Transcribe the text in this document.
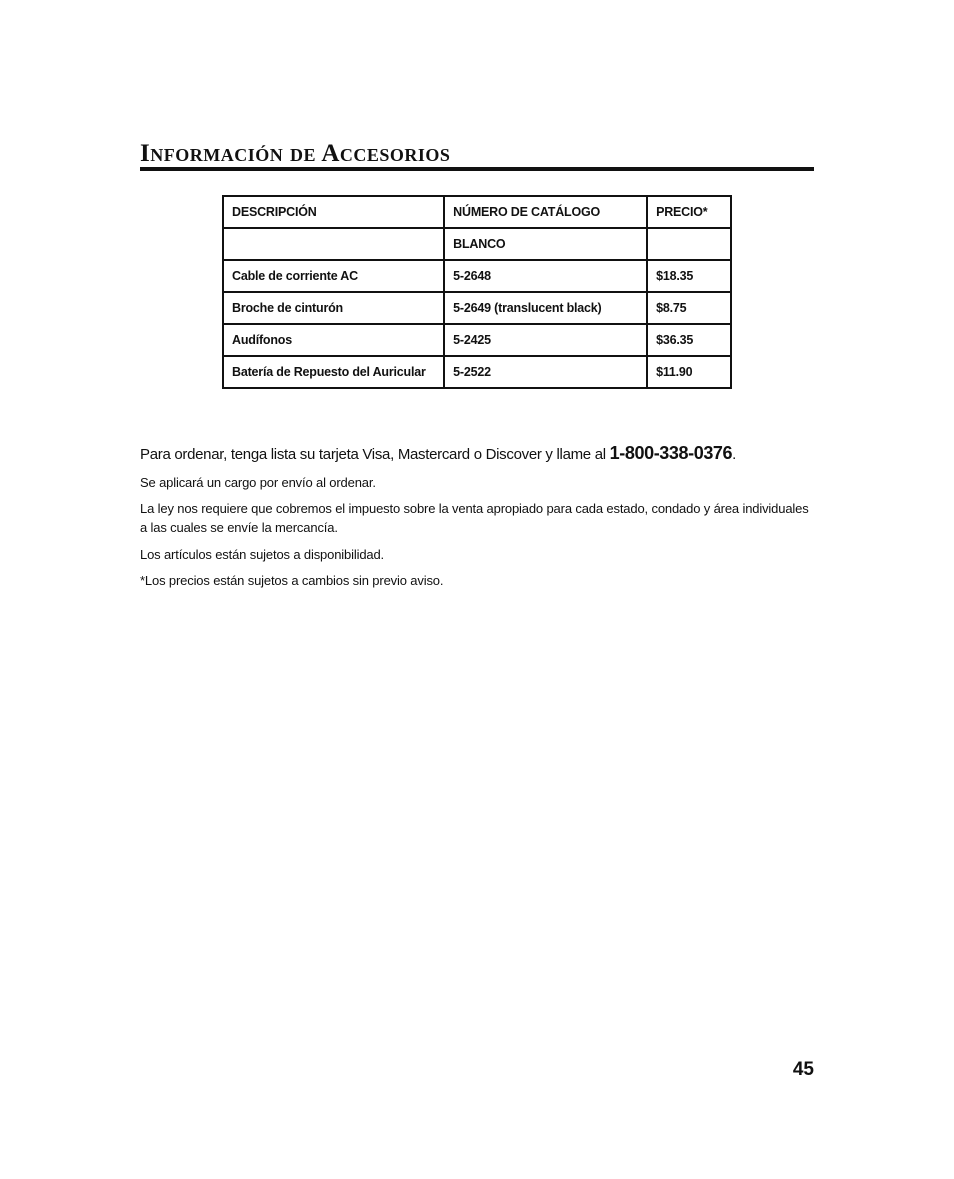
Información de Accesorios
DESCRIPCIÓN	NÚMERO DE CATÁLOGO	PRECIO*
	BLANCO	
Cable de corriente AC	5-2648	$18.35
Broche de cinturón	5-2649 (translucent black)	$8.75
Audífonos	5-2425	$36.35
Batería de Repuesto del Auricular	5-2522	$11.90

Para ordenar, tenga lista su tarjeta Visa, Mastercard o Discover y llame al 1-800-338-0376.

Se aplicará un cargo por envío al ordenar.

La ley nos requiere que cobremos el impuesto sobre la venta apropiado para cada estado, condado y área individuales a las cuales se envíe la mercancía.

Los artículos están sujetos a disponibilidad.

*Los precios están sujetos a cambios sin previo aviso.

45
